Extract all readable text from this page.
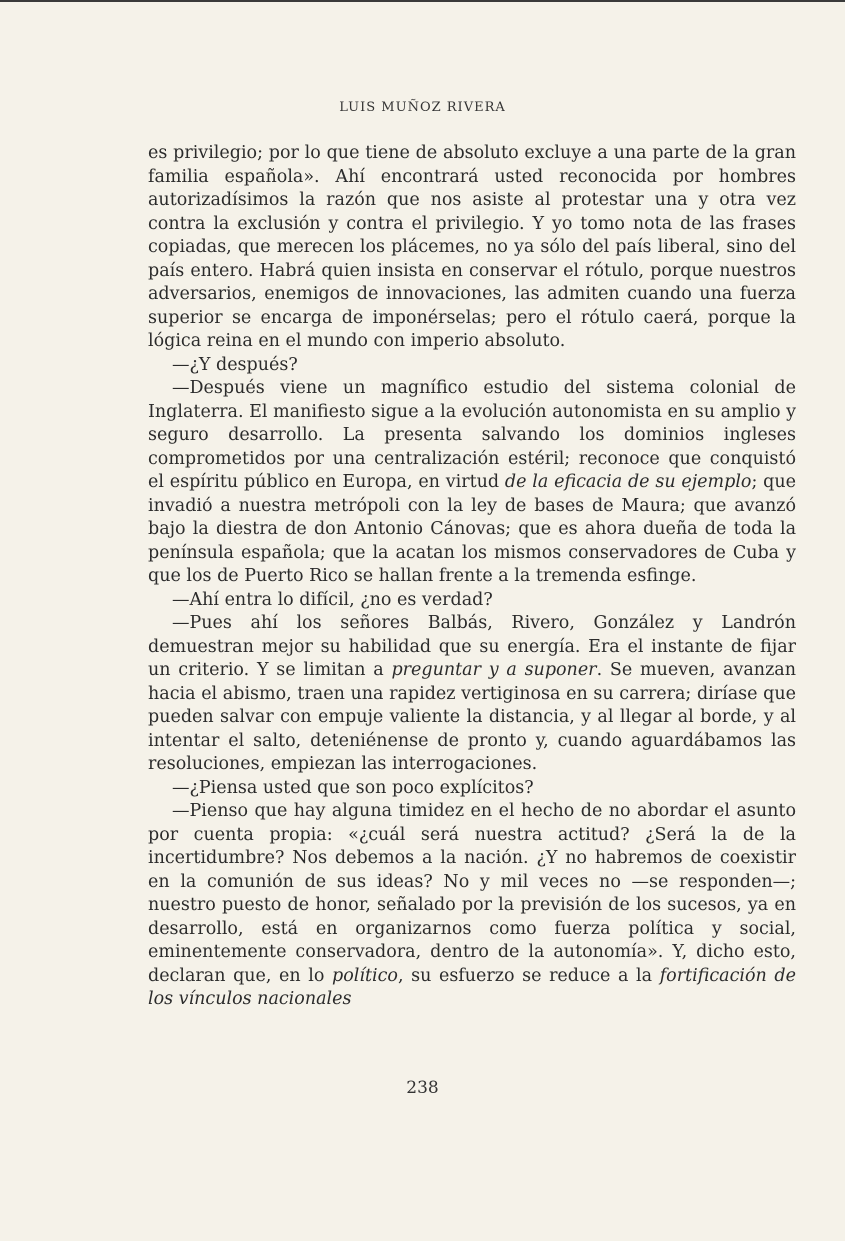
LUIS MUÑOZ RIVERA

es privilegio; por lo que tiene de absoluto excluye a una parte de la gran familia española». Ahí encontrará usted reconocida por hombres autorizadísimos la razón que nos asiste al protestar una y otra vez contra la exclusión y contra el privilegio. Y yo tomo nota de las frases copiadas, que merecen los plácemes, no ya sólo del país liberal, sino del país entero. Habrá quien insista en conservar el rótulo, porque nuestros adversarios, enemigos de innovaciones, las admiten cuando una fuerza superior se encarga de imponérselas; pero el rótulo caerá, porque la lógica reina en el mundo con imperio absoluto.

—¿Y después?

—Después viene un magnífico estudio del sistema colonial de Inglaterra. El manifiesto sigue a la evolución autonomista en su amplio y seguro desarrollo. La presenta salvando los dominios ingleses comprometidos por una centralización estéril; reconoce que conquistó el espíritu público en Europa, en virtud de la eficacia de su ejemplo; que invadió a nuestra metrópoli con la ley de bases de Maura; que avanzó bajo la diestra de don Antonio Cánovas; que es ahora dueña de toda la península española; que la acatan los mismos conservadores de Cuba y que los de Puerto Rico se hallan frente a la tremenda esfinge.

—Ahí entra lo difícil, ¿no es verdad?

—Pues ahí los señores Balbás, Rivero, González y Landrón demuestran mejor su habilidad que su energía. Era el instante de fijar un criterio. Y se limitan a preguntar y a suponer. Se mueven, avanzan hacia el abismo, traen una rapidez vertiginosa en su carrera; diríase que pueden salvar con empuje valiente la distancia, y al llegar al borde, y al intentar el salto, deteniénense de pronto y, cuando aguardábamos las resoluciones, empiezan las interrogaciones.

—¿Piensa usted que son poco explícitos?

—Pienso que hay alguna timidez en el hecho de no abordar el asunto por cuenta propia: «¿cuál será nuestra actitud? ¿Será la de la incertidumbre? Nos debemos a la nación. ¿Y no habremos de coexistir en la comunión de sus ideas? No y mil veces no —se responden—; nuestro puesto de honor, señalado por la previsión de los sucesos, ya en desarrollo, está en organizarnos como fuerza política y social, eminentemente conservadora, dentro de la autonomía». Y, dicho esto, declaran que, en lo político, su esfuerzo se reduce a la fortificación de los vínculos nacionales

238
